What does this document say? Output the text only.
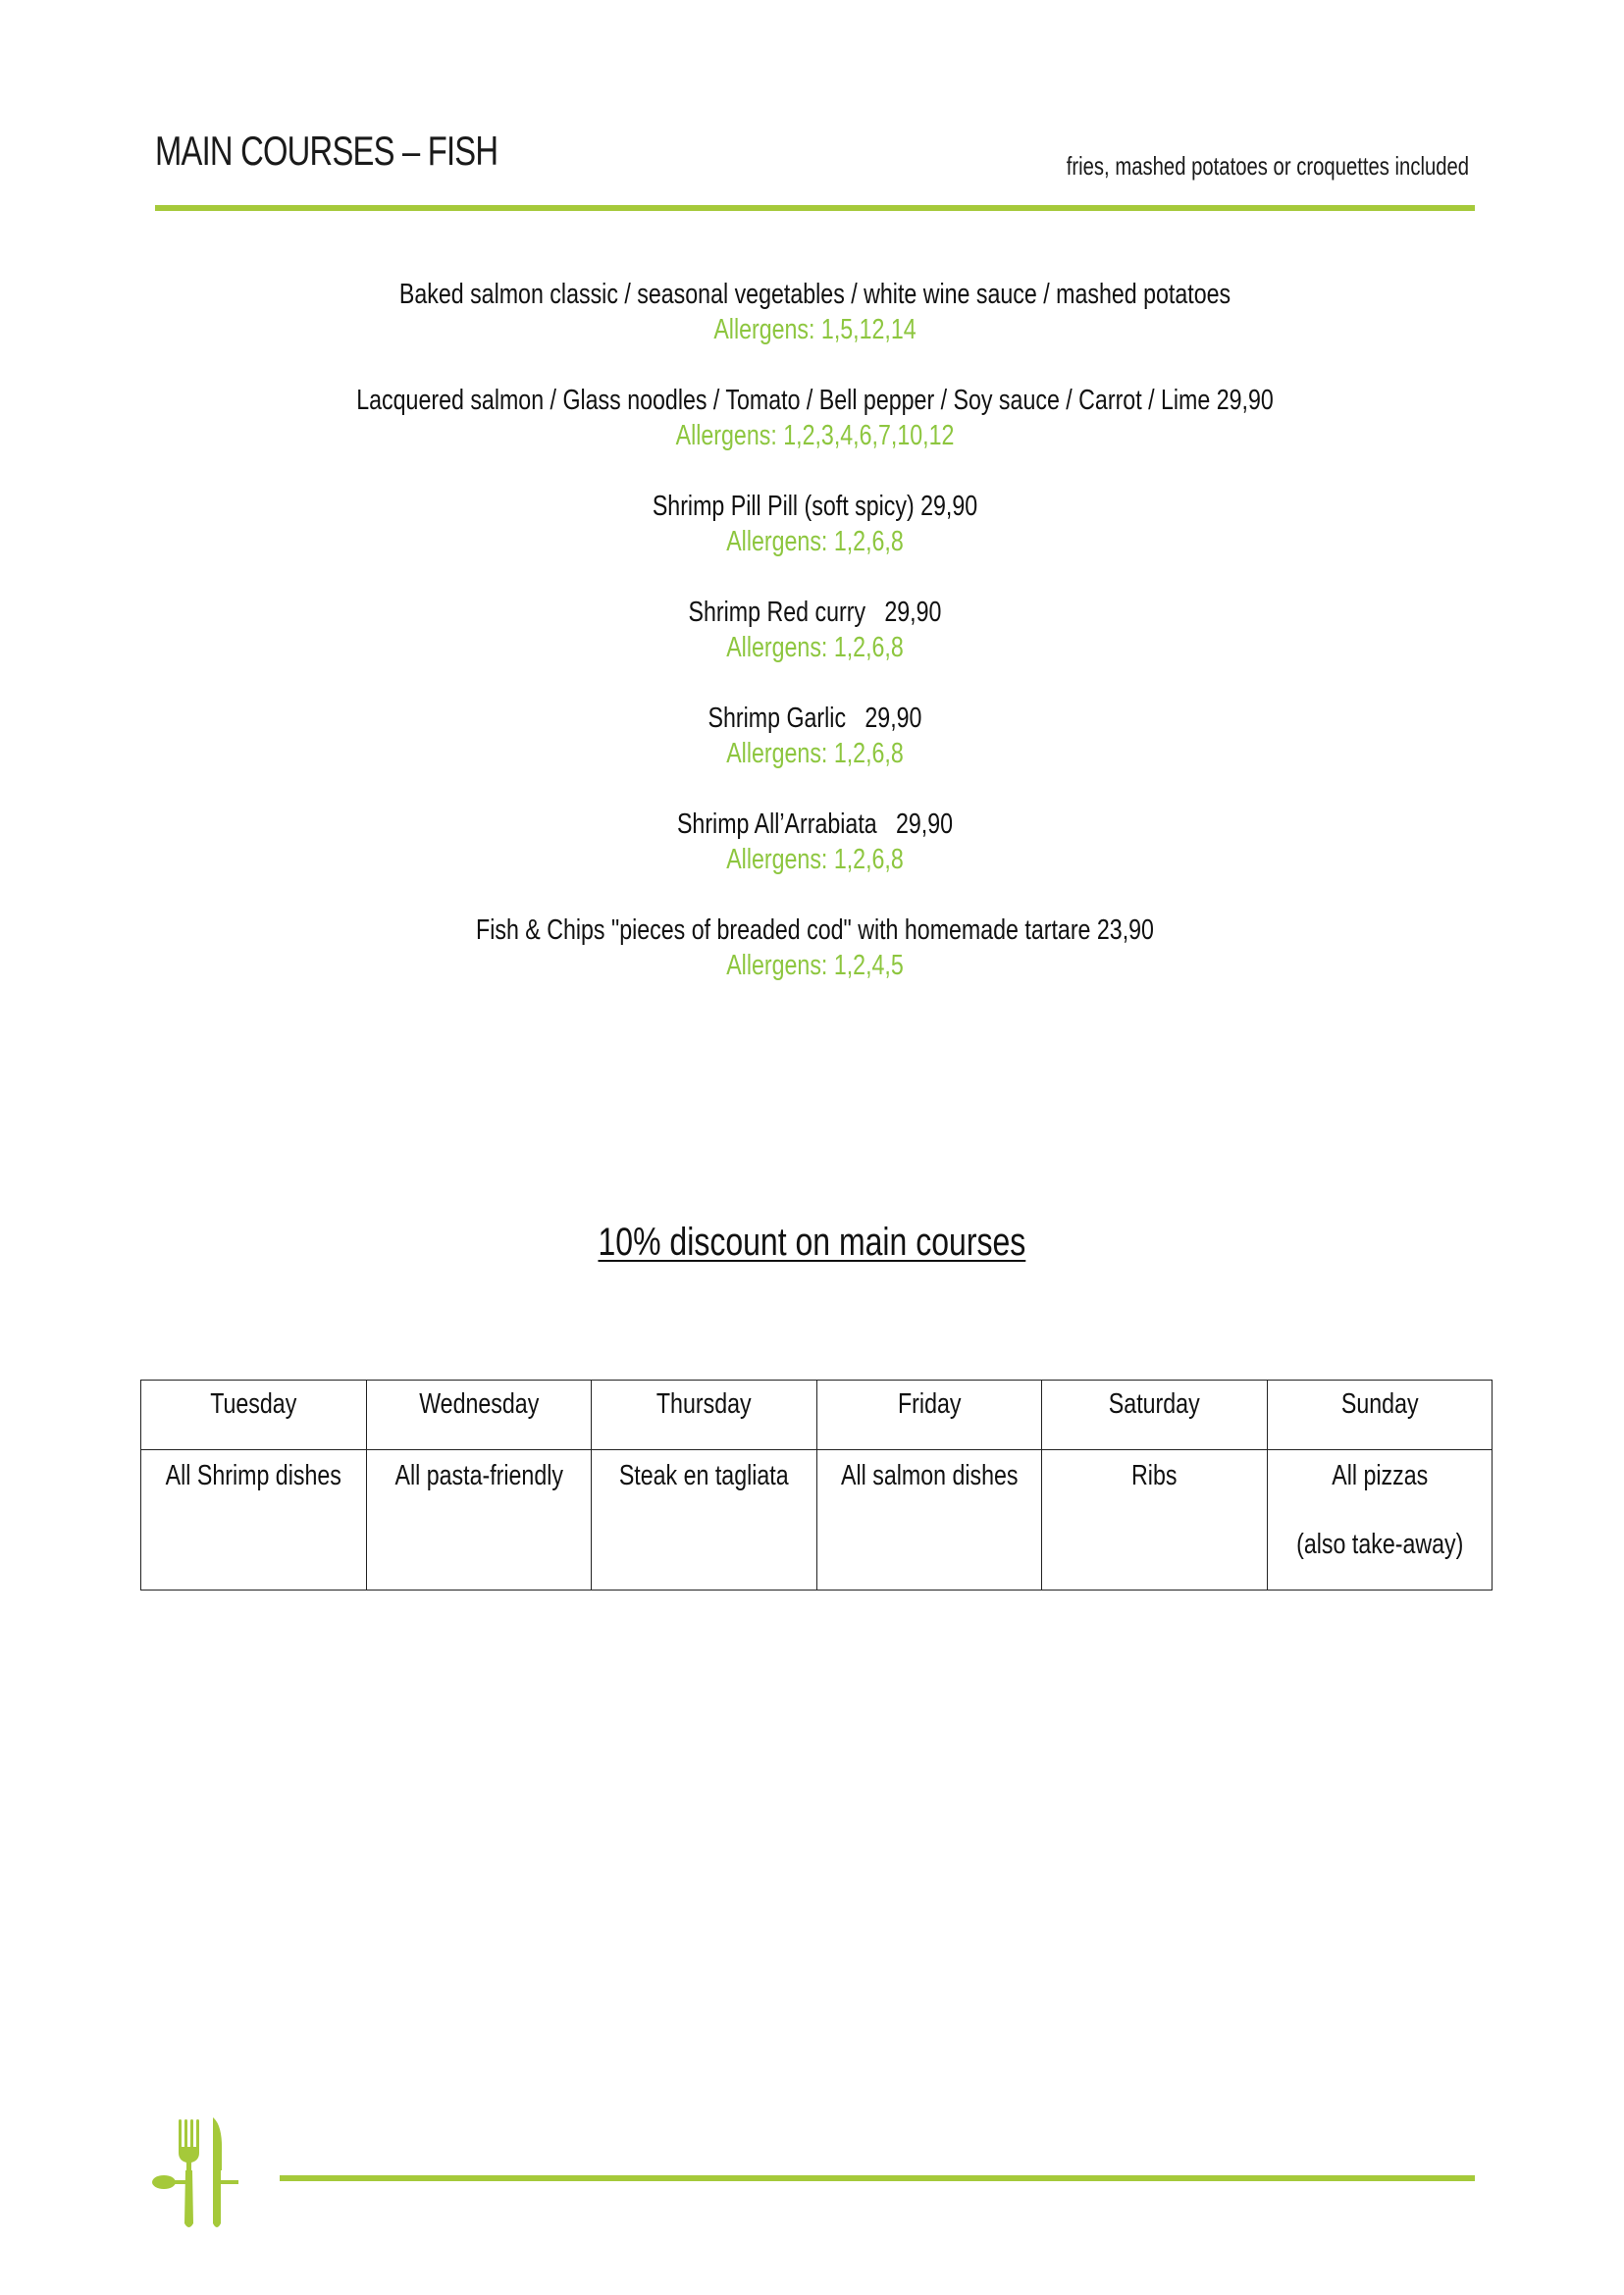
MAIN COURSES – FISH	fries, mashed potatoes or croquettes included
Baked salmon classic / seasonal vegetables / white wine sauce / mashed potatoes
Allergens: 1,5,12,14
Lacquered salmon / Glass noodles / Tomato / Bell pepper / Soy sauce / Carrot / Lime 29,90
Allergens: 1,2,3,4,6,7,10,12
Shrimp Pill Pill (soft spicy) 29,90
Allergens: 1,2,6,8
Shrimp Red curry   29,90
Allergens: 1,2,6,8
Shrimp Garlic   29,90
Allergens: 1,2,6,8
Shrimp All’Arrabiata   29,90
Allergens: 1,2,6,8
Fish & Chips "pieces of breaded cod" with homemade tartare 23,90
Allergens: 1,2,4,5
10% discount on main courses
Tuesday	Wednesday	Thursday	Friday	Saturday	Sunday

All Shrimp dishes	All pasta-friendly	Steak en tagliata	All salmon dishes	Ribs	All pizzas
(also take-away)
